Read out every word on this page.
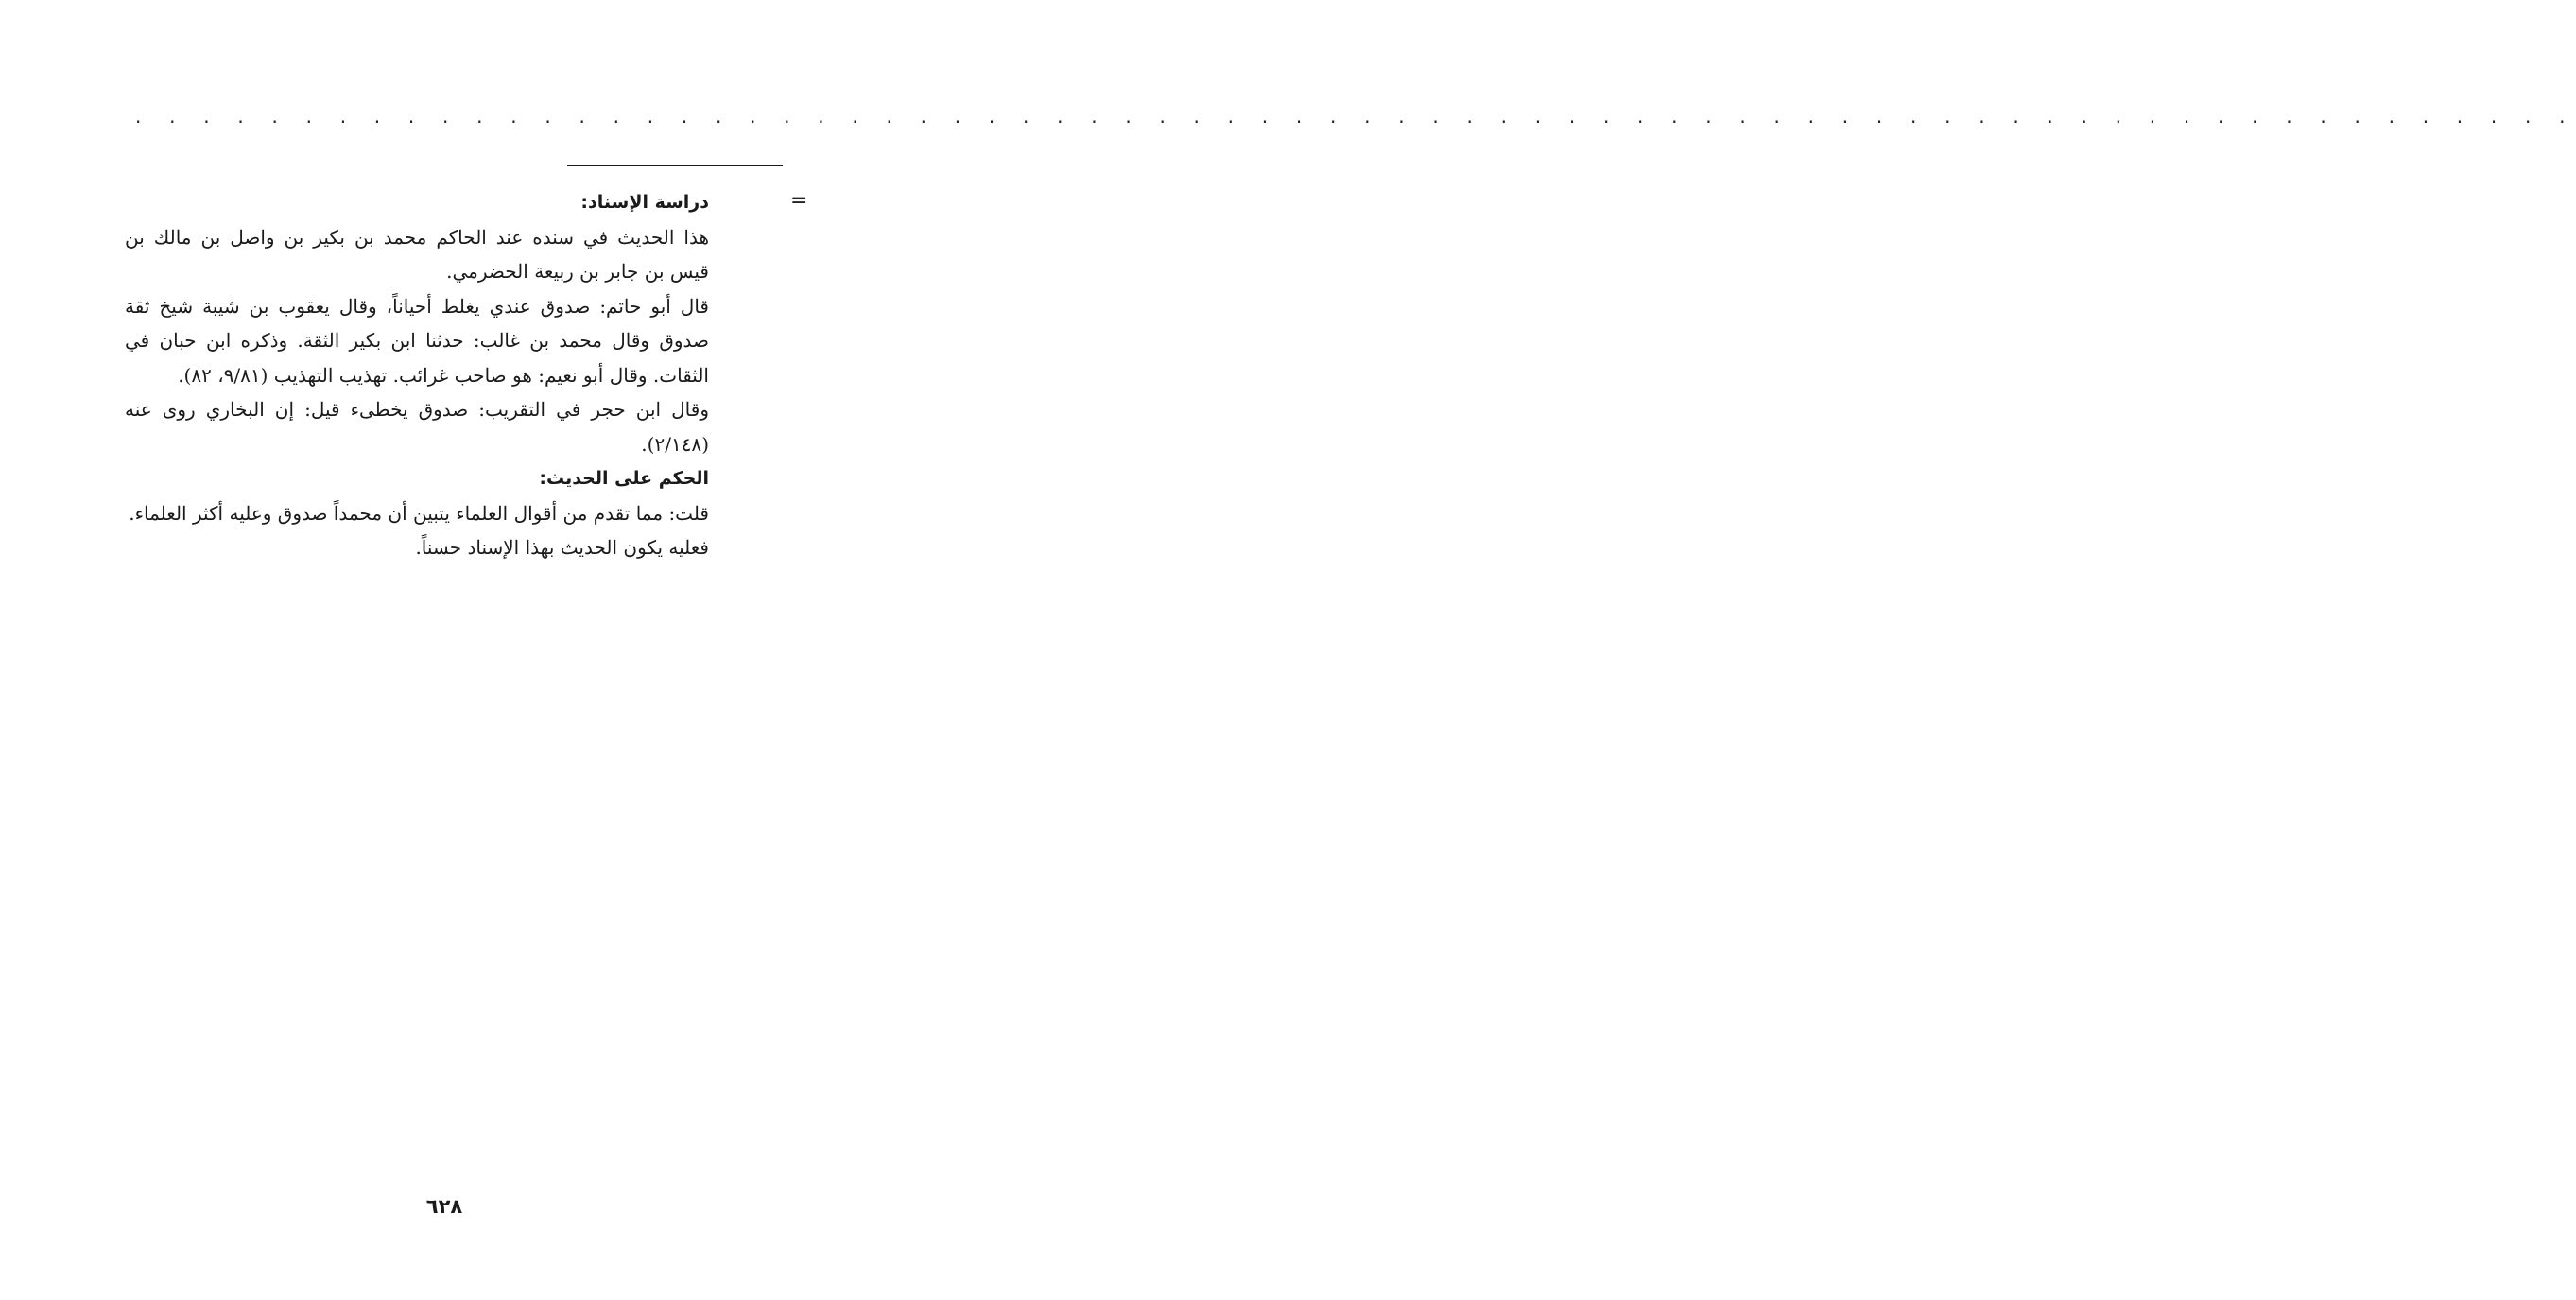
. . . . . . . . . . . . . . . . . . . . . . . . . . . . . . . . . . . . . . . . . . . . . . . . . . . . . . . . . . . . . . . . . . . . . . . .
=

دراسة الإسناد:

هذا الحديث في سنده عند الحاكم محمد بن بكير بن واصل بن مالك بن قيس بن جابر بن ربيعة الحضرمي.

قال أبو حاتم: صدوق عندي يغلط أحياناً، وقال يعقوب بن شيبة شيخ ثقة صدوق وقال محمد بن غالب: حدثنا ابن بكير الثقة. وذكره ابن حبان في الثقات. وقال أبو نعيم: هو صاحب غرائب. تهذيب التهذيب (٩/٨١، ٨٢).

وقال ابن حجر في التقريب: صدوق يخطىء قيل: إن البخاري روى عنه (٢/١٤٨).

الحكم على الحديث:

قلت: مما تقدم من أقوال العلماء يتبين أن محمداً صدوق وعليه أكثر العلماء.

فعليه يكون الحديث بهذا الإسناد حسناً.

٦٢٨
